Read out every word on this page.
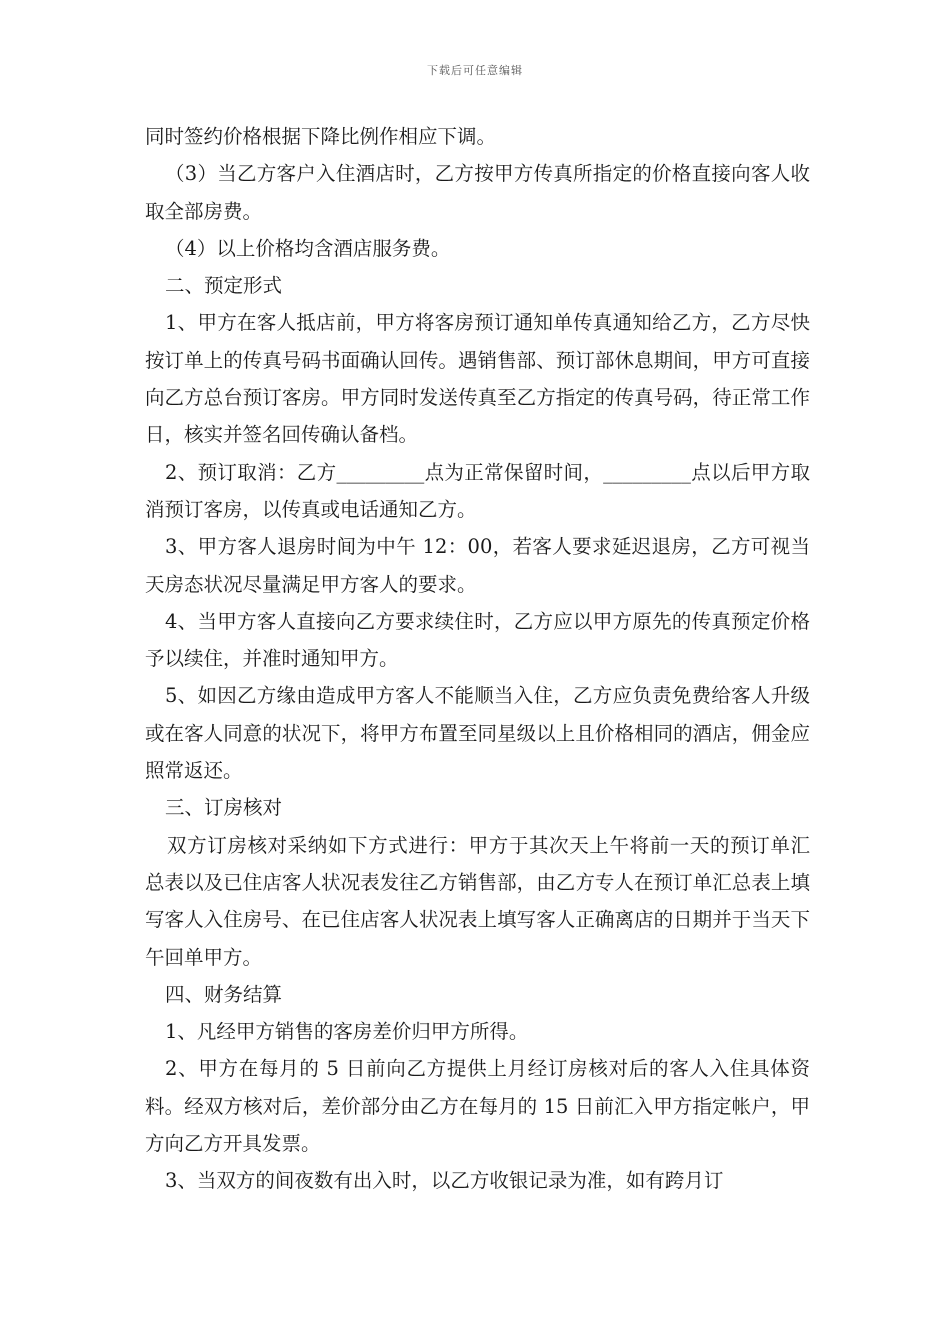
下载后可任意编辑

同时签约价格根据下降比例作相应下调。

（3）当乙方客户入住酒店时，乙方按甲方传真所指定的价格直接向客人收取全部房费。

（4）以上价格均含酒店服务费。

二、预定形式

1、甲方在客人抵店前，甲方将客房预订通知单传真通知给乙方，乙方尽快按订单上的传真号码书面确认回传。遇销售部、预订部休息期间，甲方可直接向乙方总台预订客房。甲方同时发送传真至乙方指定的传真号码，待正常工作日，核实并签名回传确认备档。

2、预订取消：乙方_________点为正常保留时间，_________点以后甲方取消预订客房，以传真或电话通知乙方。

3、甲方客人退房时间为中午 12：00，若客人要求延迟退房，乙方可视当天房态状况尽量满足甲方客人的要求。

4、当甲方客人直接向乙方要求续住时，乙方应以甲方原先的传真预定价格予以续住，并准时通知甲方。

5、如因乙方缘由造成甲方客人不能顺当入住，乙方应负责免费给客人升级或在客人同意的状况下，将甲方布置至同星级以上且价格相同的酒店，佣金应照常返还。

三、订房核对

双方订房核对采纳如下方式进行：甲方于其次天上午将前一天的预订单汇总表以及已住店客人状况表发往乙方销售部，由乙方专人在预订单汇总表上填写客人入住房号、在已住店客人状况表上填写客人正确离店的日期并于当天下午回单甲方。

四、财务结算

1、凡经甲方销售的客房差价归甲方所得。

2、甲方在每月的 5 日前向乙方提供上月经订房核对后的客人入住具体资料。经双方核对后，差价部分由乙方在每月的 15 日前汇入甲方指定帐户，甲方向乙方开具发票。

3、当双方的间夜数有出入时，以乙方收银记录为准，如有跨月订
